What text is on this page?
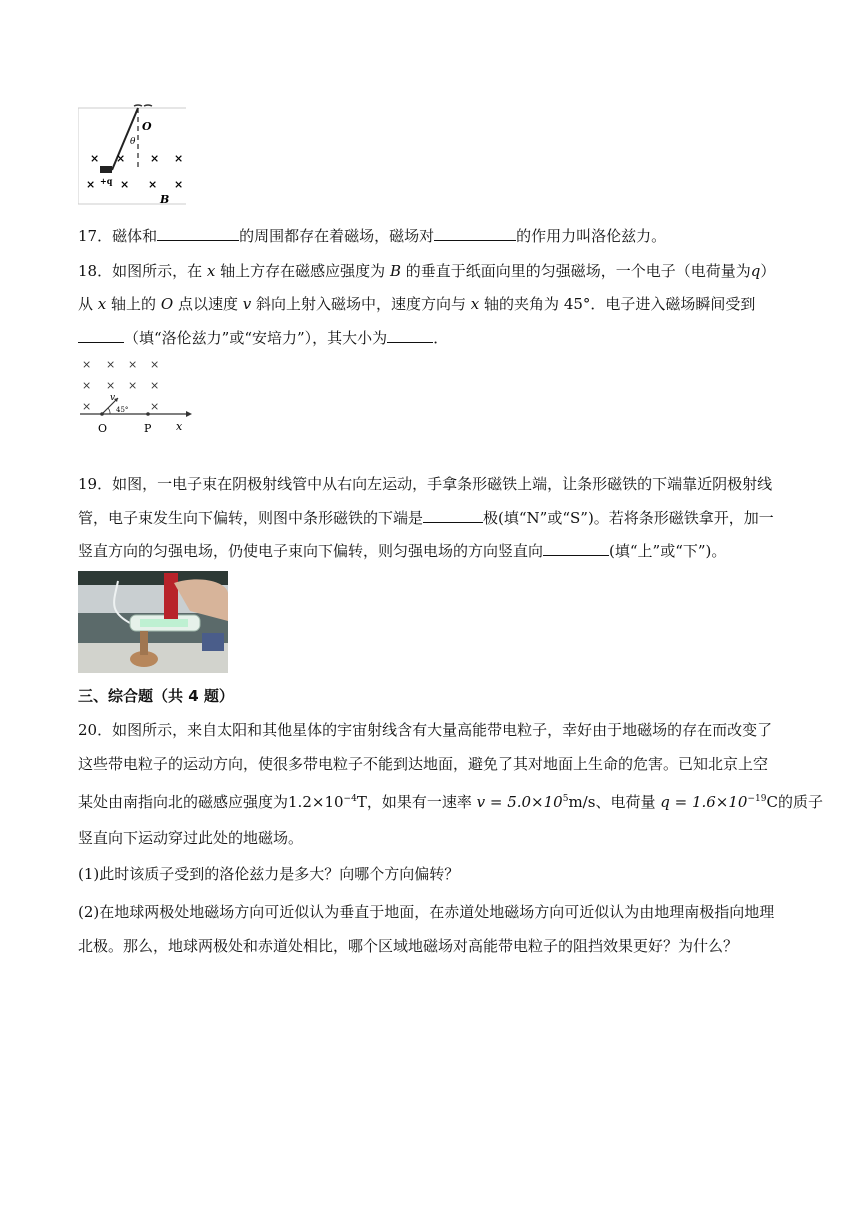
O
θ
× × × ×
+q
× × × ×
B
17．磁体和	的周围都存在着磁场，磁场对	的作用力叫洛伦兹力。
18．如图所示，在 x 轴上方存在磁感应强度为 B 的垂直于纸面向里的匀强磁场，一个电子（电荷量为q）
从 x 轴上的 O 点以速度 v 斜向上射入磁场中，速度方向与 x 轴的夹角为 45°．电子进入磁场瞬间受到
（填“洛伦兹力”或“安培力”），其大小为	．
× × × ×
× × × ×
×	×
v
45°
O	P x
19．如图，一电子束在阴极射线管中从右向左运动，手拿条形磁铁上端，让条形磁铁的下端靠近阴极射线
管，电子束发生向下偏转，则图中条形磁铁的下端是	极(填“N”或“S”)。若将条形磁铁拿开，加一
竖直方向的匀强电场，仍使电子束向下偏转，则匀强电场的方向竖直向	(填“上”或“下”)。
三、综合题（共 4 题）
20．如图所示，来自太阳和其他星体的宇宙射线含有大量高能带电粒子，幸好由于地磁场的存在而改变了
这些带电粒子的运动方向，使很多带电粒子不能到达地面，避免了其对地面上生命的危害。已知北京上空
某处由南指向北的磁感应强度为$1.2\times 10^{-4}T$，如果有一速率 $v = 5.0\times 10^5m/s$、电荷量 $q = 1.6\times 10^{-19}C$的质子
竖直向下运动穿过此处的地磁场。
(1)此时该质子受到的洛伦兹力是多大？向哪个方向偏转？
(2)在地球两极处地磁场方向可近似认为垂直于地面，在赤道处地磁场方向可近似认为由地理南极指向地理
北极。那么，地球两极处和赤道处相比，哪个区域地磁场对高能带电粒子的阻挡效果更好？为什么？
